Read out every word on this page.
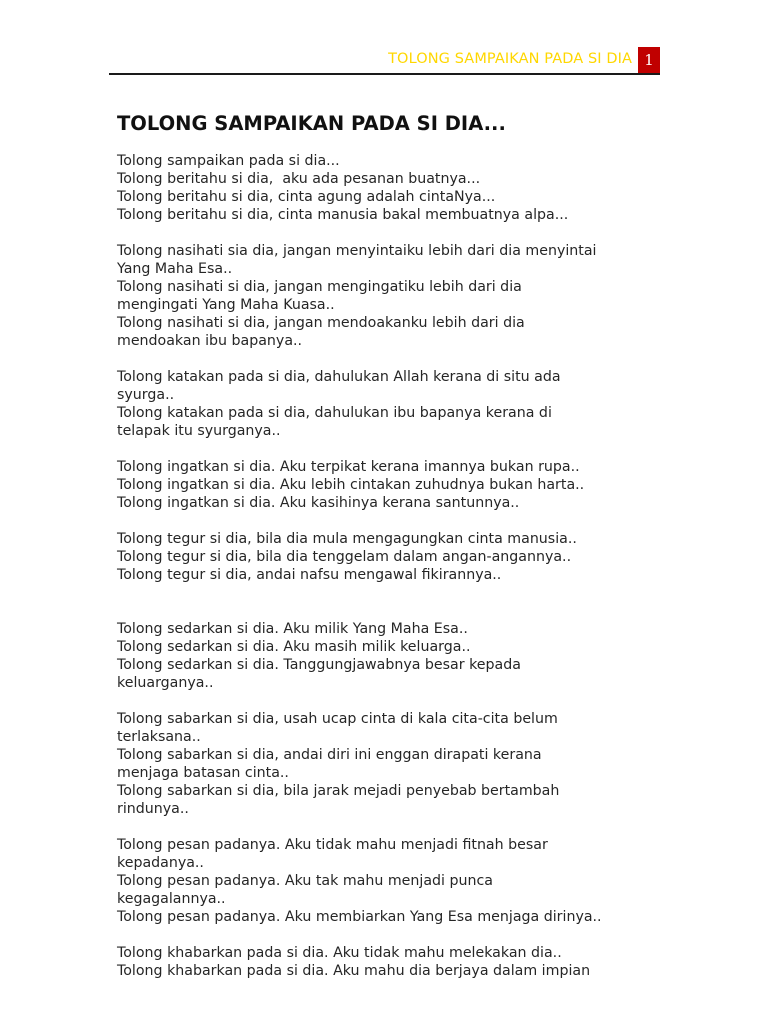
TOLONG SAMPAIKAN PADA SI DIA 1
TOLONG SAMPAIKAN PADA SI DIA...
Tolong sampaikan pada si dia...
Tolong beritahu si dia,  aku ada pesanan buatnya...
Tolong beritahu si dia, cinta agung adalah cintaNya...
Tolong beritahu si dia, cinta manusia bakal membuatnya alpa...
Tolong nasihati sia dia, jangan menyintaiku lebih dari dia menyintai
Yang Maha Esa..
Tolong nasihati si dia, jangan mengingatiku lebih dari dia
mengingati Yang Maha Kuasa..
Tolong nasihati si dia, jangan mendoakanku lebih dari dia
mendoakan ibu bapanya..
Tolong katakan pada si dia, dahulukan Allah kerana di situ ada
syurga..
Tolong katakan pada si dia, dahulukan ibu bapanya kerana di
telapak itu syurganya..
Tolong ingatkan si dia. Aku terpikat kerana imannya bukan rupa..
Tolong ingatkan si dia. Aku lebih cintakan zuhudnya bukan harta..
Tolong ingatkan si dia. Aku kasihinya kerana santunnya..
Tolong tegur si dia, bila dia mula mengagungkan cinta manusia..
Tolong tegur si dia, bila dia tenggelam dalam angan-angannya..
Tolong tegur si dia, andai nafsu mengawal fikirannya..
Tolong sedarkan si dia. Aku milik Yang Maha Esa..
Tolong sedarkan si dia. Aku masih milik keluarga..
Tolong sedarkan si dia. Tanggungjawabnya besar kepada
keluarganya..
Tolong sabarkan si dia, usah ucap cinta di kala cita-cita belum
terlaksana..
Tolong sabarkan si dia, andai diri ini enggan dirapati kerana
menjaga batasan cinta..
Tolong sabarkan si dia, bila jarak mejadi penyebab bertambah
rindunya..
Tolong pesan padanya. Aku tidak mahu menjadi fitnah besar
kepadanya..
Tolong pesan padanya. Aku tak mahu menjadi punca
kegagalannya..
Tolong pesan padanya. Aku membiarkan Yang Esa menjaga dirinya..
Tolong khabarkan pada si dia. Aku tidak mahu melekakan dia..
Tolong khabarkan pada si dia. Aku mahu dia berjaya dalam impian
